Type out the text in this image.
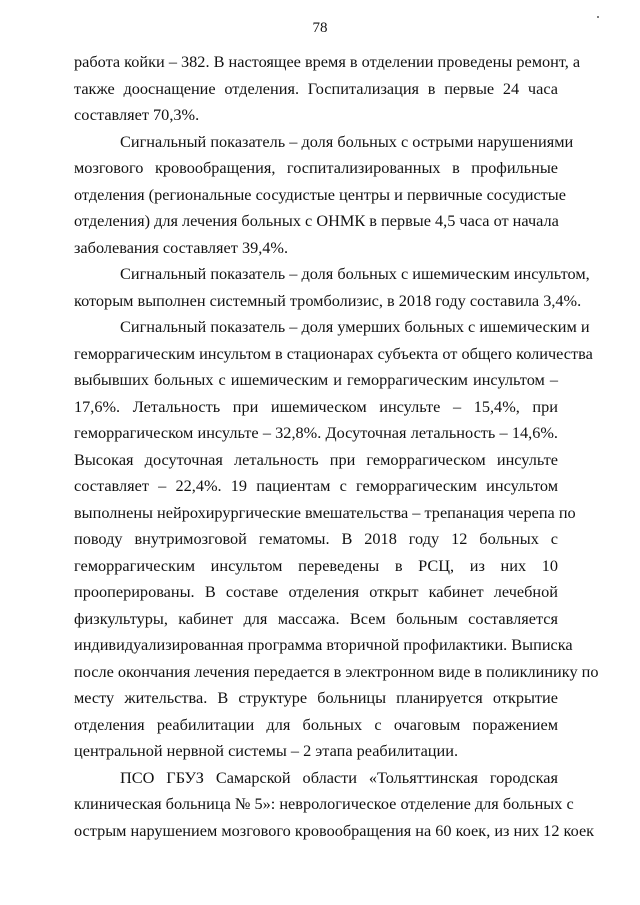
78
работа койки – 382. В настоящее время в отделении проведены ремонт, а
также доoснащение отделения. Госпитализация в первые 24 часа
составляет 70,3%.
Сигнальный показатель – доля больных с острыми нарушениями
мозгового кровообращения, госпитализированных в профильные
отделения (региональные сосудистые центры и первичные сосудистые
отделения) для лечения больных с ОНМК в первые 4,5 часа от начала
заболевания составляет 39,4%.
Сигнальный показатель – доля больных с ишемическим инсультом,
которым выполнен системный тромболизис, в 2018 году составила 3,4%.
Сигнальный показатель – доля умерших больных с ишемическим и
геморрагическим инсультом в стационарах субъекта от общего количества
выбывших больных с ишемическим и геморрагическим инсультом –
17,6%. Летальность при ишемическом инсульте – 15,4%, при
геморрагическом инсульте – 32,8%. Досуточная летальность – 14,6%.
Высокая досуточная летальность при геморрагическом инсульте
составляет – 22,4%. 19 пациентам с геморрагическим инсультом
выполнены нейрохирургические вмешательства – трепанация черепа по
поводу внутримозговой гематомы. В 2018 году 12 больных с
геморрагическим инсультом переведены в РСЦ, из них 10
прооперированы. В составе отделения открыт кабинет лечебной
физкультуры, кабинет для массажа. Всем больным составляется
индивидуализированная программа вторичной профилактики. Выписка
после окончания лечения передается в электронном виде в поликлинику по
месту жительства. В структуре больницы планируется открытие
отделения реабилитации для больных с очаговым поражением
центральной нервной системы – 2 этапа реабилитации.
ПСО ГБУЗ Самарской области «Тольяттинская городская
клиническая больница № 5»: неврологическое отделение для больных с
острым нарушением мозгового кровообращения на 60 коек, из них 12 коек
